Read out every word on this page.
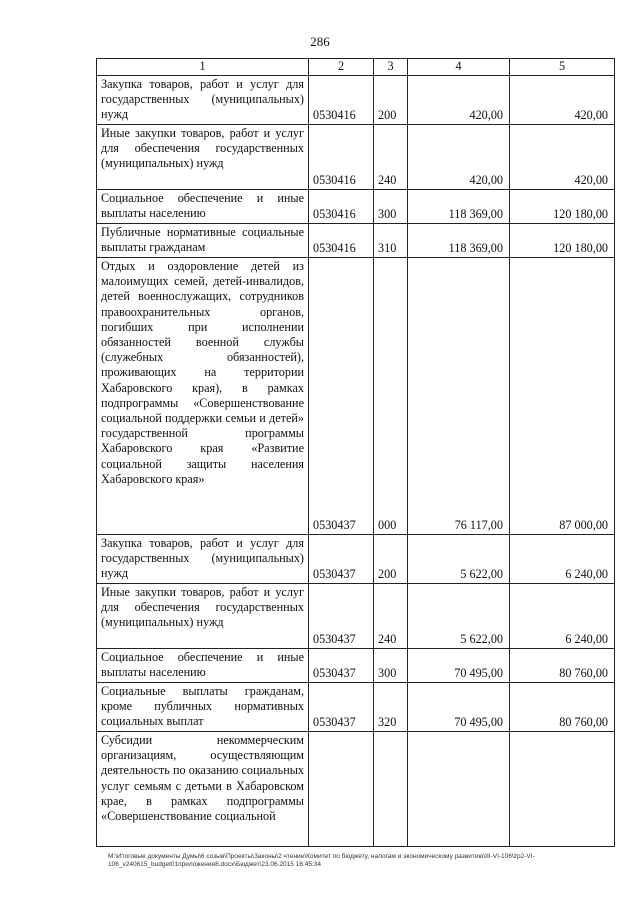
286
1	2	3	4	5
Закупка товаров, работ и услуг для государственных (муниципальных) нужд	0530416	200	420,00	420,00
Иные закупки товаров, работ и услуг для обеспечения государственных (муниципальных) нужд	0530416	240	420,00	420,00
Социальное обеспечение и иные выплаты населению	0530416	300	118 369,00	120 180,00
Публичные нормативные социальные выплаты гражданам	0530416	310	118 369,00	120 180,00
Отдых и оздоровление детей из малоимущих семей, детей-инвалидов, детей военнослужащих, сотрудников правоохранительных органов, погибших при исполнении обязанностей военной службы (служебных обязанностей), проживающих на территории Хабаровского края), в рамках подпрограммы «Совершенствование социальной поддержки семьи и детей» государственной программы Хабаровского края «Развитие социальной защиты населения Хабаровского края»	0530437	000	76 117,00	87 000,00
Закупка товаров, работ и услуг для государственных (муниципальных) нужд	0530437	200	5 622,00	6 240,00
Иные закупки товаров, работ и услуг для обеспечения государственных (муниципальных) нужд	0530437	240	5 622,00	6 240,00
Социальное обеспечение и иные выплаты населению	0530437	300	70 495,00	80 760,00
Социальные выплаты гражданам, кроме публичных нормативных социальных выплат	0530437	320	70 495,00	80 760,00
Субсидии некоммерческим организациям, осуществляющим деятельность по оказанию социальных услуг семьям с детьми в Хабаровском крае, в рамках подпрограммы «Совершенствование социальной				
М:\Итоговые документы Думы\6 созыв\Проекты\Законы\2 чтение\Комитет по бюджету, налогам и экономическому развитию\III-VI-106\zp2-VI-
106_v240615_budget01приложение8.docx\Бюджет\23.06.2015 16:45:34
